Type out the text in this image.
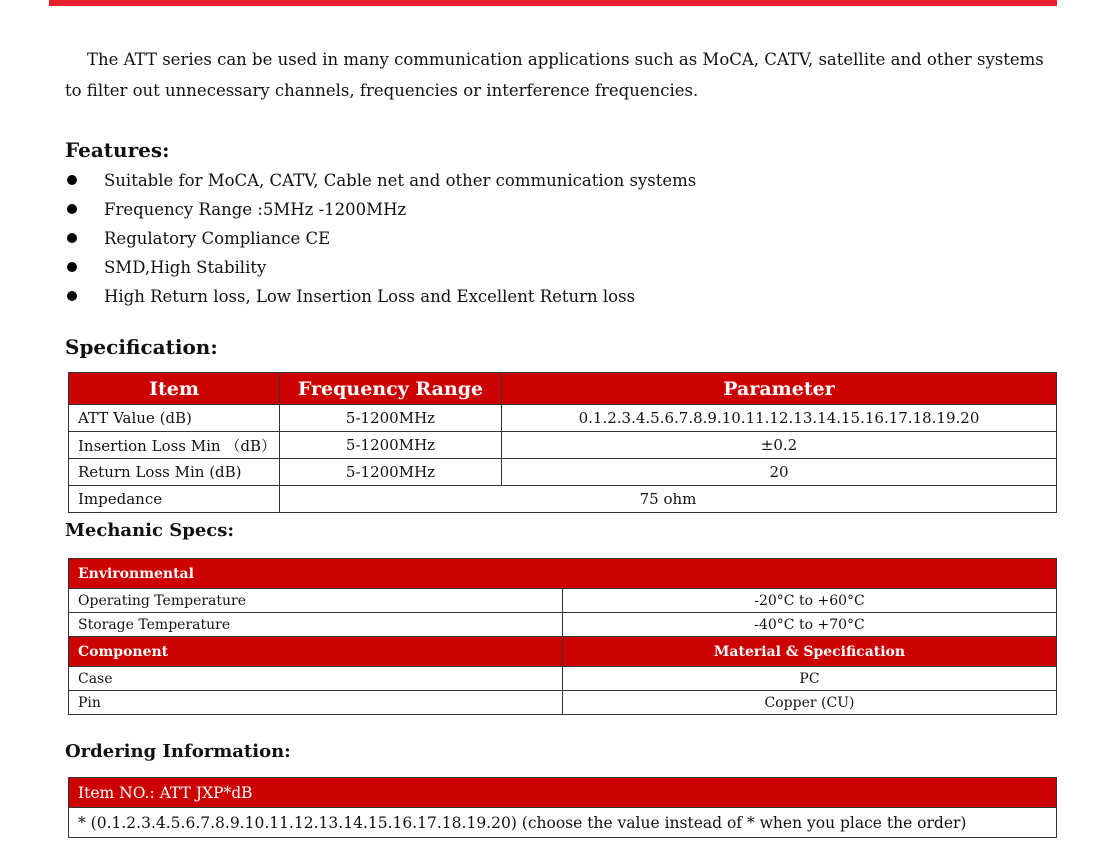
The ATT series can be used in many communication applications such as MoCA, CATV, satellite and other systems to filter out unnecessary channels, frequencies or interference frequencies.
Features:
Suitable for MoCA, CATV, Cable net and other communication systems
Frequency Range :5MHz -1200MHz
Regulatory Compliance CE
SMD,High Stability
High Return loss, Low Insertion Loss and Excellent Return loss
Specification:
Item	Frequency Range	Parameter
ATT Value (dB)	5-1200MHz	0.1.2.3.4.5.6.7.8.9.10.11.12.13.14.15.16.17.18.19.20
Insertion Loss Min （dB）	5-1200MHz	±0.2
Return Loss Min (dB)	5-1200MHz	20
Impedance	75 ohm	
Mechanic Specs:
Environmental	
Operating Temperature	-20°C to +60°C
Storage Temperature	-40°C to +70°C
Component	Material & Specification
Case	PC
Pin	Copper (CU)
Ordering Information:
Item NO.: ATT JXP*dB
* (0.1.2.3.4.5.6.7.8.9.10.11.12.13.14.15.16.17.18.19.20) (choose the value instead of * when you place the order)
